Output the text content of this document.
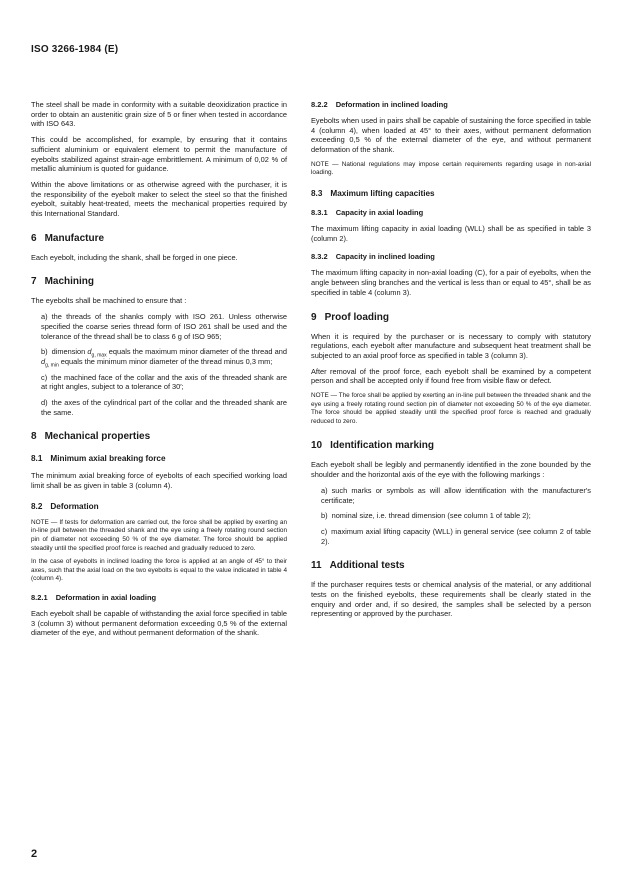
ISO 3266-1984 (E)

The steel shall be made in conformity with a suitable deoxidization practice in order to obtain an austenitic grain size of 5 or finer when tested in accordance with ISO 643.

This could be accomplished, for example, by ensuring that it contains sufficient aluminium or equivalent element to permit the manufacture of eyebolts stabilized against strain-age embrittlement. A minimum of 0,02 % of metallic aluminium is quoted for guidance.

Within the above limitations or as otherwise agreed with the purchaser, it is the responsibility of the eyebolt maker to select the steel so that the finished eyebolt, suitably heat-treated, meets the mechanical properties required by this International Standard.

6 Manufacture

Each eyebolt, including the shank, shall be forged in one piece.

7 Machining

The eyebolts shall be machined to ensure that :

a) the threads of the shanks comply with ISO 261. Unless otherwise specified the coarse series thread form of ISO 261 shall be used and the tolerance of the thread shall be to class 6 g of ISO 965;
b) dimension $d_{g, max}$ equals the maximum minor diameter of the thread and $d_{g, min}$ equals the minimum minor diameter of the thread minus 0,3 mm;
c) the machined face of the collar and the axis of the threaded shank are at right angles, subject to a tolerance of 30′;
d) the axes of the cylindrical part of the collar and the threaded shank are the same.
8 Mechanical properties
8.1 Minimum axial breaking force

The minimum axial breaking force of eyebolts of each specified working load limit shall be as given in table 3 (column 4).

8.2 Deformation

NOTE — If tests for deformation are carried out, the force shall be applied by exerting an in-line pull between the threaded shank and the eye using a freely rotating round section pin of diameter not exceeding 50 % of the eye diameter. The force should be applied steadily until the specified proof force is reached and gradually reduced to zero.

In the case of eyebolts in inclined loading the force is applied at an angle of 45° to their axes, such that the axial load on the two eyebolts is equal to the value indicated in table 4 (column 4).

8.2.1 Deformation in axial loading

Each eyebolt shall be capable of withstanding the axial force specified in table 3 (column 3) without permanent deformation exceeding 0,5 % of the external diameter of the eye, and without permanent deformation of the shank.

8.2.2 Deformation in inclined loading

Eyebolts when used in pairs shall be capable of sustaining the force specified in table 4 (column 4), when loaded at 45° to their axes, without permanent deformation exceeding 0,5 % of the external diameter of the eye, and without permanent deformation of the shank.

NOTE — National regulations may impose certain requirements regarding usage in non-axial loading.

8.3 Maximum lifting capacities
8.3.1 Capacity in axial loading

The maximum lifting capacity in axial loading (WLL) shall be as specified in table 3 (column 2).

8.3.2 Capacity in inclined loading

The maximum lifting capacity in non-axial loading (C), for a pair of eyebolts, when the angle between sling branches and the vertical is less than or equal to 45°, shall be as specified in table 4 (column 3).

9 Proof loading

When it is required by the purchaser or is necessary to comply with statutory regulations, each eyebolt after manufacture and subsequent heat treatment shall be subjected to an axial proof force as specified in table 3 (column 3).

After removal of the proof force, each eyebolt shall be examined by a competent person and shall be accepted only if found free from visible flaw or defect.

NOTE — The force shall be applied by exerting an in-line pull between the threaded shank and the eye using a freely rotating round section pin of diameter not exceeding 50 % of the eye diameter. The force should be applied steadily until the specified proof force is reached and gradually reduced to zero.

10 Identification marking

Each eyebolt shall be legibly and permanently identified in the zone bounded by the shoulder and the horizontal axis of the eye with the following markings :

a) such marks or symbols as will allow identification with the manufacturer's certificate;
b) nominal size, i.e. thread dimension (see column 1 of table 2);
c) maximum axial lifting capacity (WLL) in general service (see column 2 of table 2).
11 Additional tests

If the purchaser requires tests or chemical analysis of the material, or any additional tests on the finished eyebolts, these requirements shall be clearly stated in the enquiry and order and, if so desired, the samples shall be selected by a person representing or approved by the purchaser.

2
